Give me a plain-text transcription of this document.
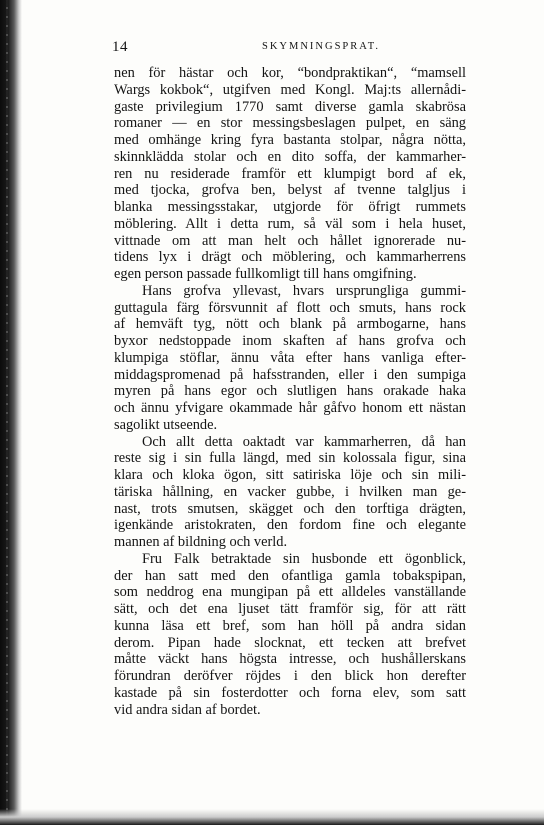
14	SKYMNINGSPRAT.
nen för hästar och kor, “bondpraktikan“, “mamsell
Wargs kokbok“, utgifven med Kongl. Maj:ts allernådi-
gaste privilegium 1770 samt diverse gamla skabrösa
romaner — en stor messingsbeslagen pulpet, en säng
med omhänge kring fyra bastanta stolpar, några nötta,
skinnklädda stolar och en dito soffa, der kammarher-
ren nu residerade framför ett klumpigt bord af ek,
med tjocka, grofva ben, belyst af tvenne talgljus i
blanka messingsstakar, utgjorde för öfrigt rummets
möblering. Allt i detta rum, så väl som i hela huset,
vittnade om att man helt och hållet ignorerade nu-
tidens lyx i drägt och möblering, och kammarherrens
egen person passade fullkomligt till hans omgifning.
Hans grofva yllevast, hvars ursprungliga gummi-
guttagula färg försvunnit af flott och smuts, hans rock
af hemväft tyg, nött och blank på armbogarne, hans
byxor nedstoppade inom skaften af hans grofva och
klumpiga stöflar, ännu våta efter hans vanliga efter-
middagspromenad på hafsstranden, eller i den sumpiga
myren på hans egor och slutligen hans orakade haka
och ännu yfvigare okammade hår gåfvo honom ett nästan
sagolikt utseende.
Och allt detta oaktadt var kammarherren, då han
reste sig i sin fulla längd, med sin kolossala figur, sina
klara och kloka ögon, sitt satiriska löje och sin mili-
täriska hållning, en vacker gubbe, i hvilken man ge-
nast, trots smutsen, skägget och den torftiga drägten,
igenkände aristokraten, den fordom fine och elegante
mannen af bildning och verld.
Fru Falk betraktade sin husbonde ett ögonblick,
der han satt med den ofantliga gamla tobakspipan,
som neddrog ena mungipan på ett alldeles vanställande
sätt, och det ena ljuset tätt framför sig, för att rätt
kunna läsa ett bref, som han höll på andra sidan
derom. Pipan hade slocknat, ett tecken att brefvet
måtte väckt hans högsta intresse, och hushållerskans
förundran deröfver röjdes i den blick hon derefter
kastade på sin fosterdotter och forna elev, som satt
vid andra sidan af bordet.
